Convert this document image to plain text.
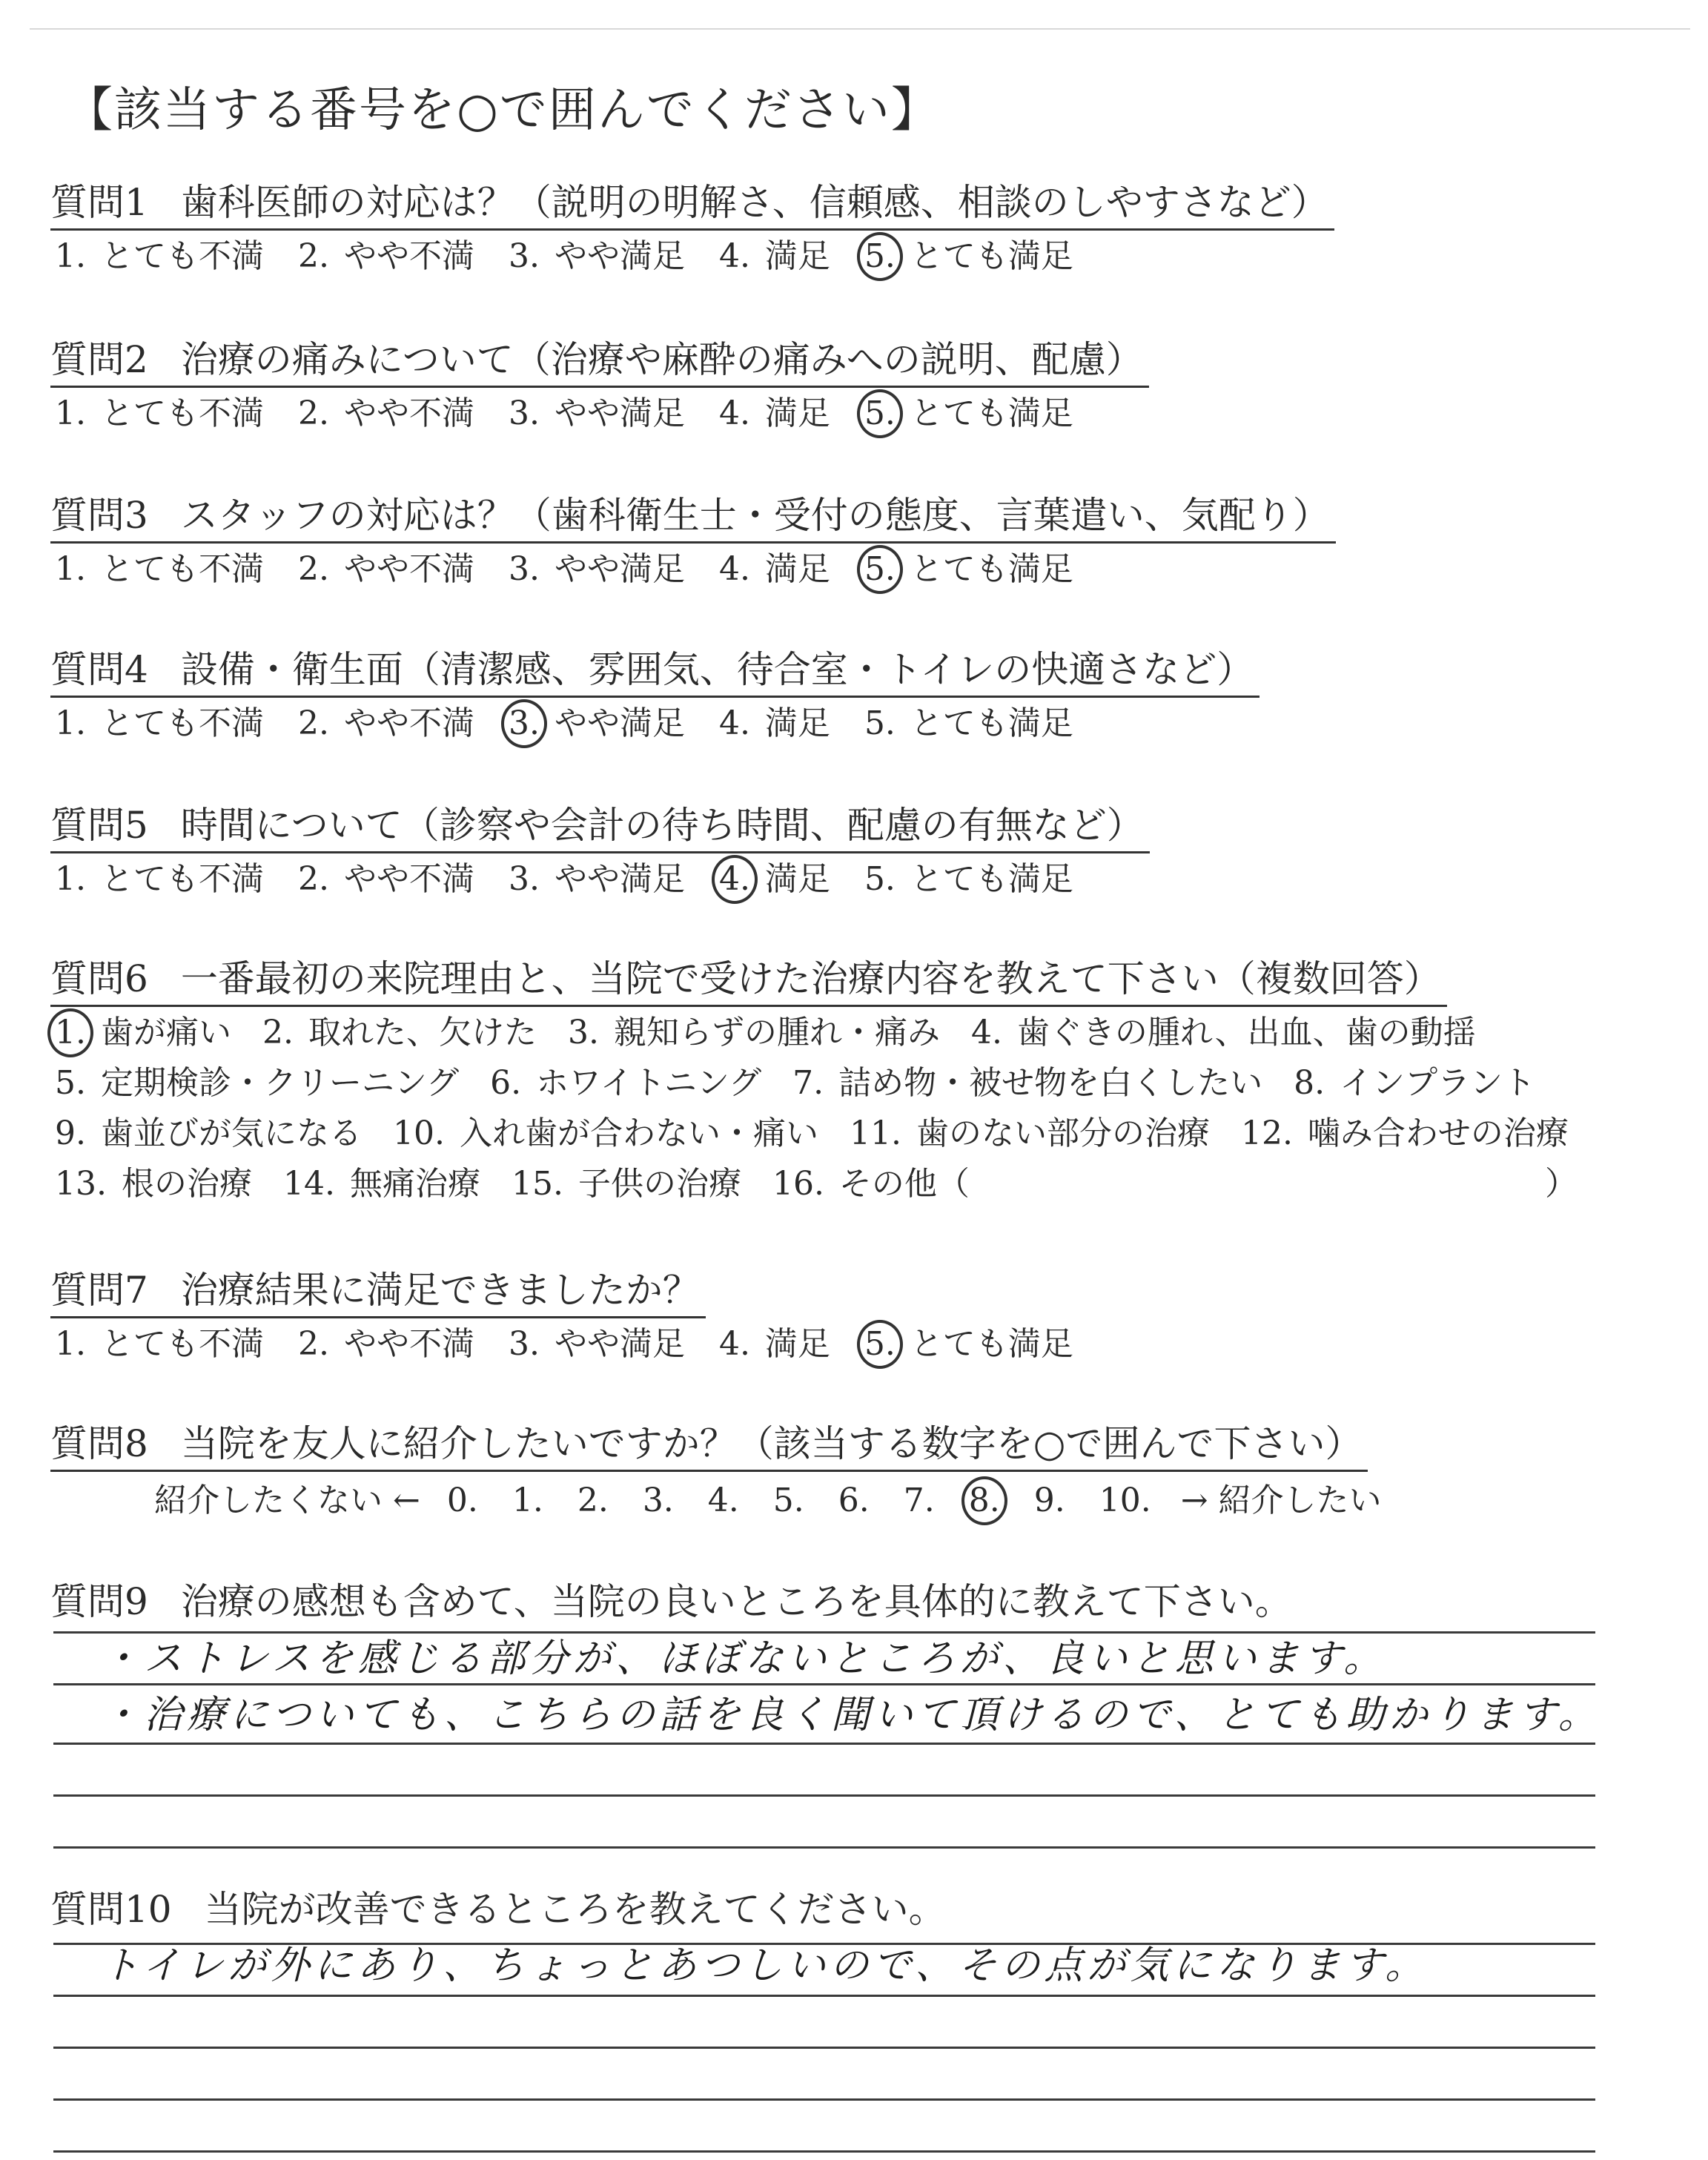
【該当する番号を○で囲んでください】
質問1 歯科医師の対応は？（説明の明解さ、信頼感、相談のしやすさなど）
1. とても不満 2. やや不満 3. やや満足 4. 満足 5.
とても満足
質問2 治療の痛みについて（治療や麻酔の痛みへの説明、配慮）
1. とても不満 2. やや不満 3. やや満足 4. 満足 5.
とても満足
質問3 スタッフの対応は？（歯科衛生士・受付の態度、言葉遣い、気配り）
1. とても不満 2. やや不満 3. やや満足 4. 満足 5.
とても満足
質問4 設備・衛生面（清潔感、雰囲気、待合室・トイレの快適さなど）
1. とても不満 2. やや不満 3.
やや満足 4. 満足 5. とても満足
質問5 時間について（診察や会計の待ち時間、配慮の有無など）
1. とても不満 2. やや不満 3. やや満足 4.
満足 5. とても満足
質問6 一番最初の来院理由と、当院で受けた治療内容を教えて下さい（複数回答）
1.
歯が痛い 2. 取れた、欠けた 3. 親知らずの腫れ・痛み 4. 歯ぐきの腫れ、出血、歯の動揺
5. 定期検診・クリーニング 6. ホワイトニング 7. 詰め物・被せ物を白くしたい 8. インプラント
9. 歯並びが気になる 10. 入れ歯が合わない・痛い 11. 歯のない部分の治療 12. 噛み合わせの治療
13. 根の治療 14. 無痛治療 15. 子供の治療 16. その他（	）
質問7 治療結果に満足できましたか？
1. とても不満 2. やや不満 3. やや満足 4. 満足 5.
とても満足
質問8 当院を友人に紹介したいですか？（該当する数字を○で囲んで下さい）
紹介したくない ← 0. 1. 2. 3. 4. 5. 6. 7. 8. 9. 10. → 紹介したい
質問9 治療の感想も含めて、当院の良いところを具体的に教えて下さい。
・ストレスを感じる部分が、ほぼないところが、良いと思います。
・治療についても、こちらの話を良く聞いて頂けるので、とても助かります。
質問10 当院が改善できるところを教えてください。
トイレが外にあり、ちょっとあつしいので、その点が気になります。
